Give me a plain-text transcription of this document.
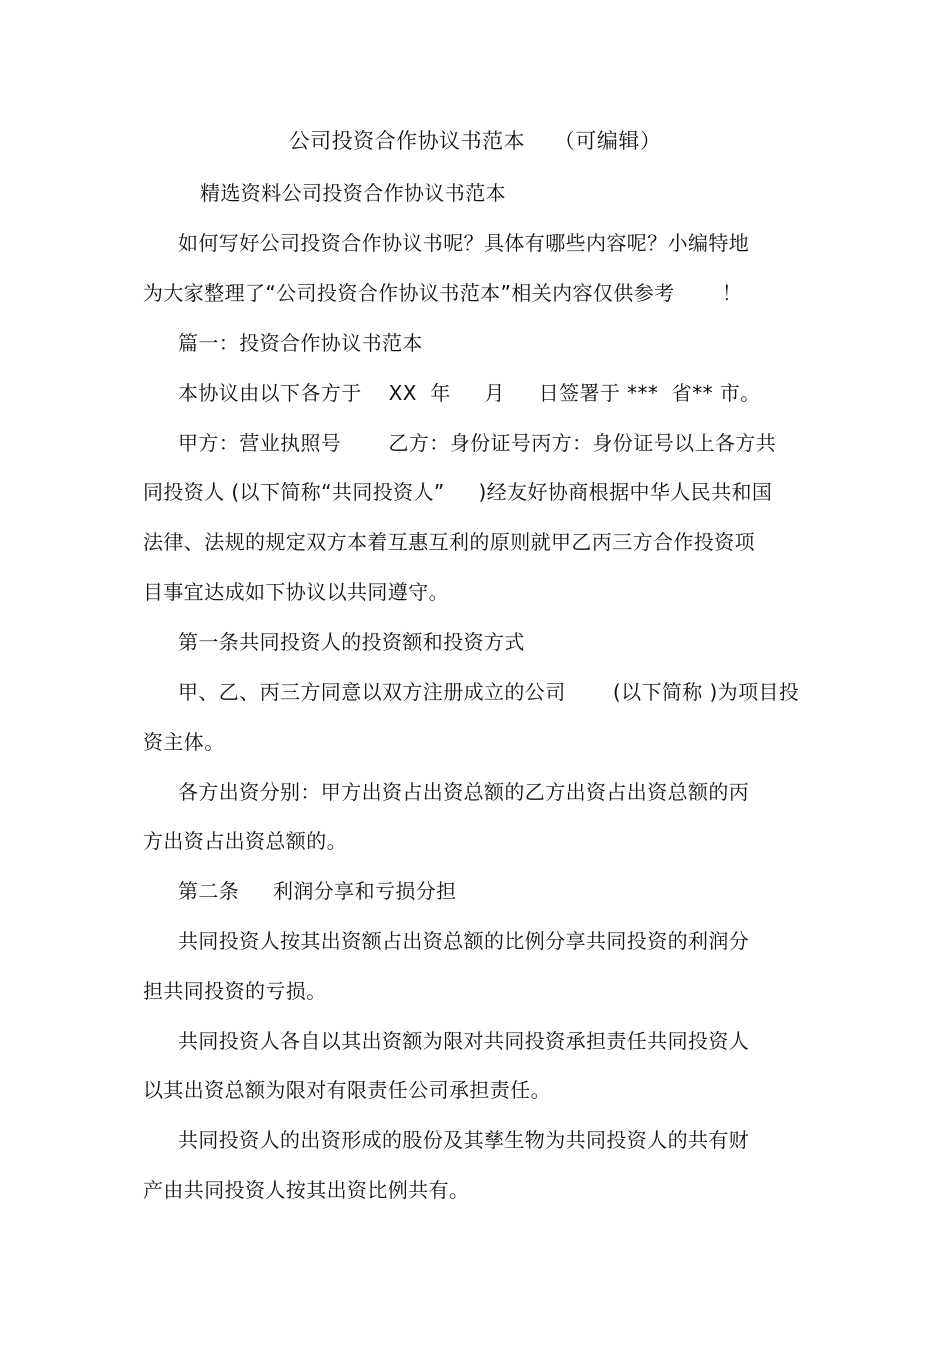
公司投资合作协议书范本    （可编辑）
精选资料公司投资合作协议书范本
如何写好公司投资合作协议书呢？具体有哪些内容呢？小编特地
为大家整理了“公司投资合作协议书范本”相关内容仅供参考       ！
篇一：投资合作协议书范本
本协议由以下各方于    XX  年     月     日签署于 ***  省** 市。
甲方：营业执照号       乙方：身份证号丙方：身份证号以上各方共
同投资人 (以下简称“共同投资人”     )经友好协商根据中华人民共和国
法律、法规的规定双方本着互惠互利的原则就甲乙丙三方合作投资项
目事宜达成如下协议以共同遵守。
第一条共同投资人的投资额和投资方式
甲、乙、丙三方同意以双方注册成立的公司       (以下简称 )为项目投
资主体。
各方出资分别：甲方出资占出资总额的乙方出资占出资总额的丙
方出资占出资总额的。
第二条     利润分享和亏损分担
共同投资人按其出资额占出资总额的比例分享共同投资的利润分
担共同投资的亏损。
共同投资人各自以其出资额为限对共同投资承担责任共同投资人
以其出资总额为限对有限责任公司承担责任。
共同投资人的出资形成的股份及其孳生物为共同投资人的共有财
产由共同投资人按其出资比例共有。
